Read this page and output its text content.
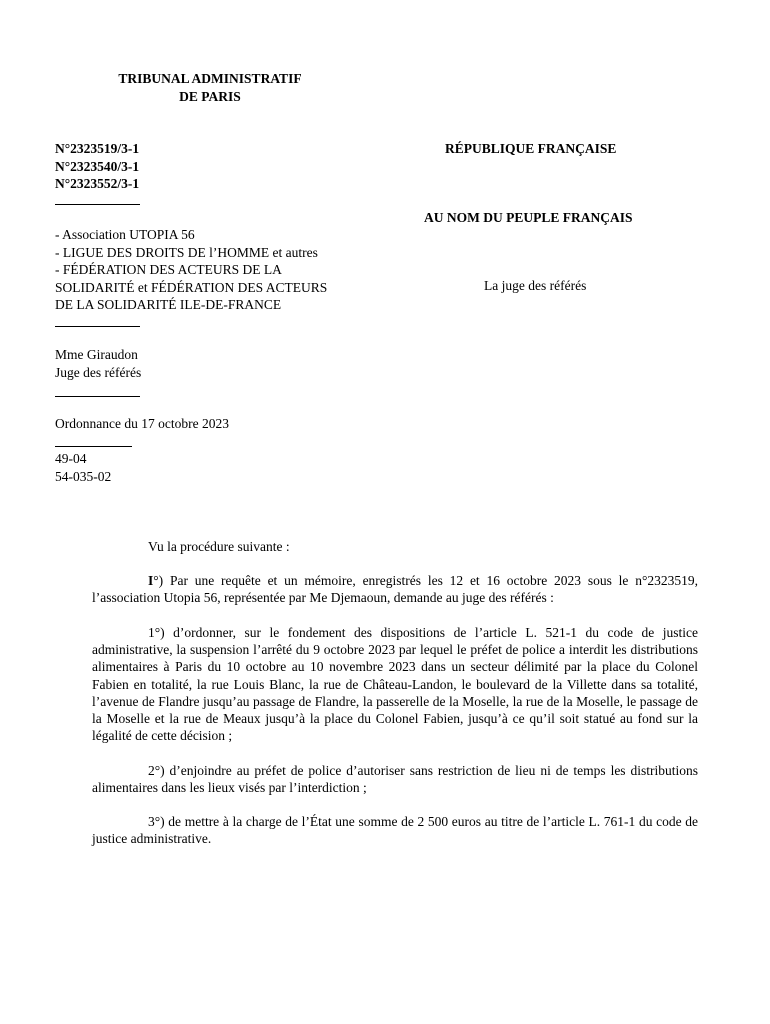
TRIBUNAL ADMINISTRATIF
DE PARIS
N°2323519/3-1
N°2323540/3-1
N°2323552/3-1
RÉPUBLIQUE FRANÇAISE
AU NOM DU PEUPLE FRANÇAIS
La juge des référés
- Association UTOPIA 56
- LIGUE DES DROITS DE l’HOMME et autres
- FÉDÉRATION DES ACTEURS DE LA
SOLIDARITÉ et FÉDÉRATION DES ACTEURS
DE LA SOLIDARITÉ ILE-DE-FRANCE
Mme Giraudon
Juge des référés
Ordonnance du 17 octobre 2023
49-04
54-035-02
Vu la procédure suivante :

I°) Par une requête et un mémoire, enregistrés les 12 et 16 octobre 2023 sous le n°2323519, l’association Utopia 56, représentée par Me Djemaoun, demande au juge des référés :

1°) d’ordonner, sur le fondement des dispositions de l’article L. 521-1 du code de justice administrative, la suspension l’arrêté du 9 octobre 2023 par lequel le préfet de police a interdit les distributions alimentaires à Paris du 10 octobre au 10 novembre 2023 dans un secteur délimité par la place du Colonel Fabien en totalité, la rue Louis Blanc, la rue de Château-Landon, le boulevard de la Villette dans sa totalité, l’avenue de Flandre jusqu’au passage de Flandre, la passerelle de la Moselle, la rue de la Moselle, le passage de la Moselle et la rue de Meaux jusqu’à la place du Colonel Fabien, jusqu’à ce qu’il soit statué au fond sur la légalité de cette décision ;

2°) d’enjoindre au préfet de police d’autoriser sans restriction de lieu ni de temps les distributions alimentaires dans les lieux visés par l’interdiction ;

3°) de mettre à la charge de l’État une somme de 2 500 euros au titre de l’article L. 761-1 du code de justice administrative.
